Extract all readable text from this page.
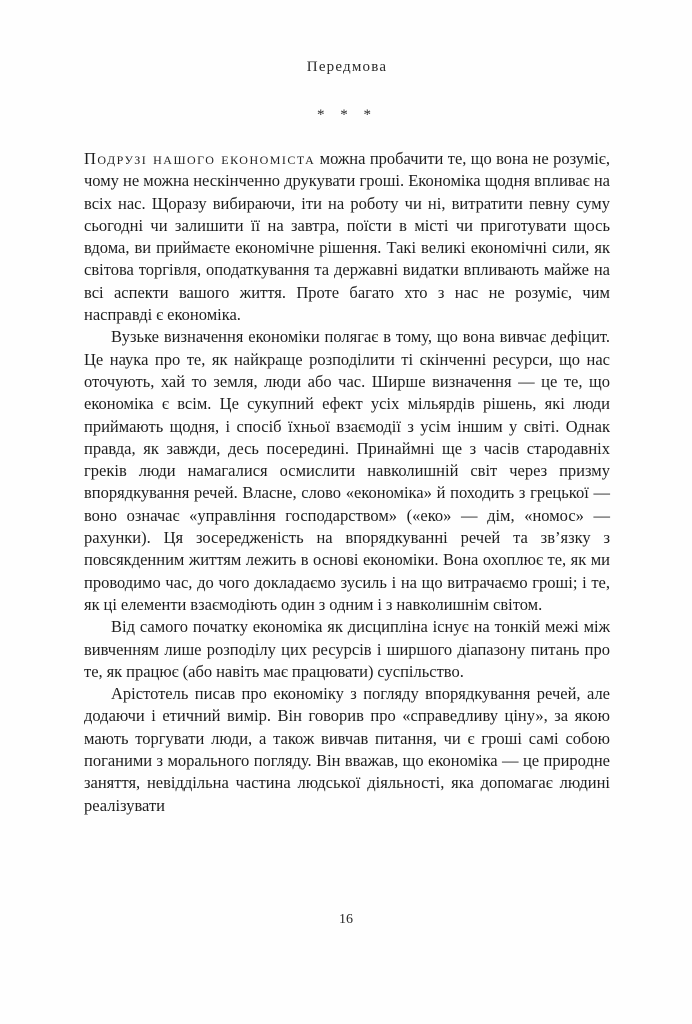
Передмова
* * *

Подрузі нашого економіста можна пробачити те, що вона не розуміє, чому не можна нескінченно друкувати гроші. Економіка щодня впливає на всіх нас. Щоразу вибираючи, іти на роботу чи ні, витратити певну суму сьогодні чи залишити її на завтра, поїсти в місті чи приготувати щось вдома, ви приймаєте економічне рішення. Такі великі економічні сили, як світова торгівля, оподаткування та державні видатки впливають майже на всі аспекти вашого життя. Проте багато хто з нас не розуміє, чим насправді є економіка.

Вузьке визначення економіки полягає в тому, що вона вивчає дефіцит. Це наука про те, як найкраще розподілити ті скінченні ресурси, що нас оточують, хай то земля, люди або час. Ширше визначення — це те, що економіка є всім. Це сукупний ефект усіх мільярдів рішень, які люди приймають щодня, і спосіб їхньої взаємодії з усім іншим у світі. Однак правда, як завжди, десь посередині. Принаймні ще з часів стародавніх греків люди намагалися осмислити навколишній світ через призму впорядкування речей. Власне, слово «економіка» й походить з грецької — воно означає «управління господарством» («еко» — дім, «номос» — рахунки). Ця зосередженість на впорядкуванні речей та зв’язку з повсякденним життям лежить в основі економіки. Вона охоплює те, як ми проводимо час, до чого докладаємо зусиль і на що витрачаємо гроші; і те, як ці елементи взаємодіють один з одним і з навколишнім світом.

Від самого початку економіка як дисципліна існує на тонкій межі між вивченням лише розподілу цих ресурсів і ширшого діапазону питань про те, як працює (або навіть має працювати) суспільство.

Арістотель писав про економіку з погляду впорядкування речей, але додаючи і етичний вимір. Він говорив про «справедливу ціну», за якою мають торгувати люди, а також вивчав питання, чи є гроші самі собою поганими з морального погляду. Він вважав, що економіка — це природне заняття, невіддільна частина людської діяльності, яка допомагає людині реалізувати

16
